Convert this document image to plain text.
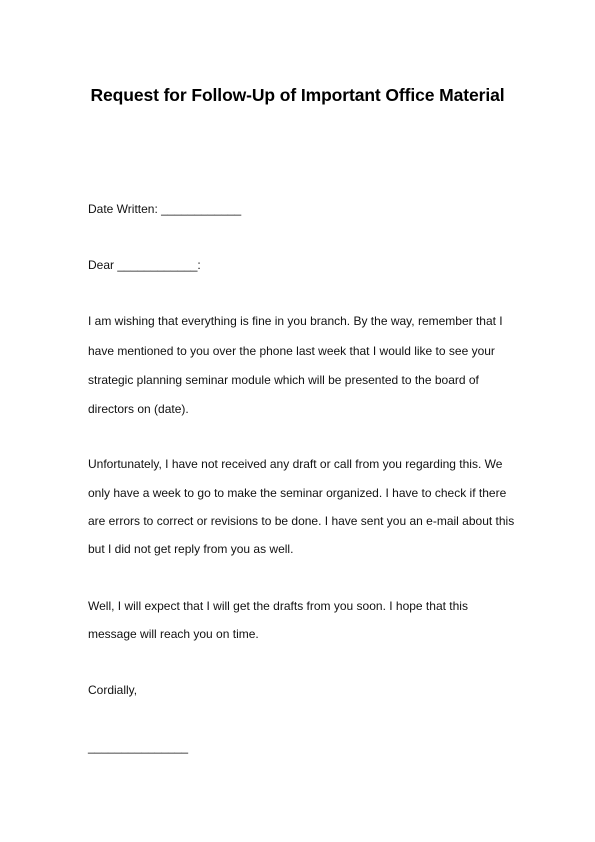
Request for Follow-Up of Important Office Material
Date Written: ____________
Dear ____________:
I am wishing that everything is fine in you branch. By the way, remember that I
have mentioned to you over the phone last week that I would like to see your
strategic planning seminar module which will be presented to the board of
directors on (date).
Unfortunately, I have not received any draft or call from you regarding this. We
only have a week to go to make the seminar organized. I have to check if there
are errors to correct or revisions to be done. I have sent you an e-mail about this
but I did not get reply from you as well.
Well, I will expect that I will get the drafts from you soon. I hope that this
message will reach you on time.
Cordially,
_______________
